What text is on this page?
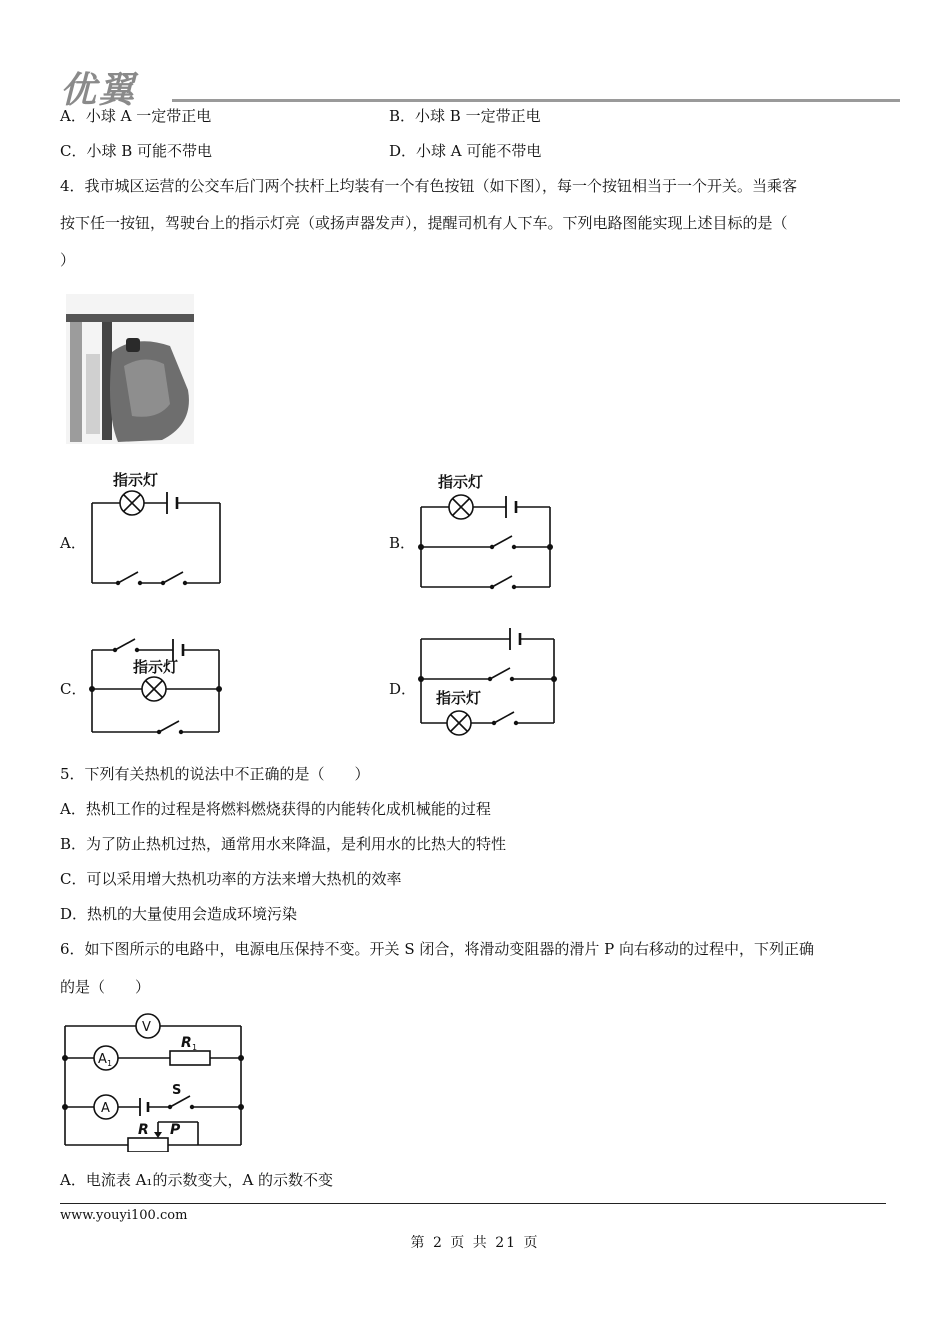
优翼
A．小球 A 一定带正电	B．小球 B 一定带正电
C．小球 B 可能不带电	D．小球 A 可能不带电
4．我市城区运营的公交车后门两个扶杆上均装有一个有色按钮（如下图），每一个按钮相当于一个开关。当乘客
按下任一按钮，驾驶台上的指示灯亮（或扬声器发声），提醒司机有人下车。下列电路图能实现上述目标的是（
）
A．	B．
C．	D．
指示灯	指示灯
指示灯
指示灯
5．下列有关热机的说法中不正确的是（　　）
A．热机工作的过程是将燃料燃烧获得的内能转化成机械能的过程
B．为了防止热机过热，通常用水来降温，是利用水的比热大的特性
C．可以采用增大热机功率的方法来增大热机的效率
D．热机的大量使用会造成环境污染
6．如下图所示的电路中，电源电压保持不变。开关 S 闭合，将滑动变阻器的滑片 P 向右移动的过程中，下列正确
的是（　　）
V
A 1
A
R 1
S
R P
A．电流表 A₁的示数变大，A 的示数不变
www.youyi100.com
第 2 页 共 21 页
